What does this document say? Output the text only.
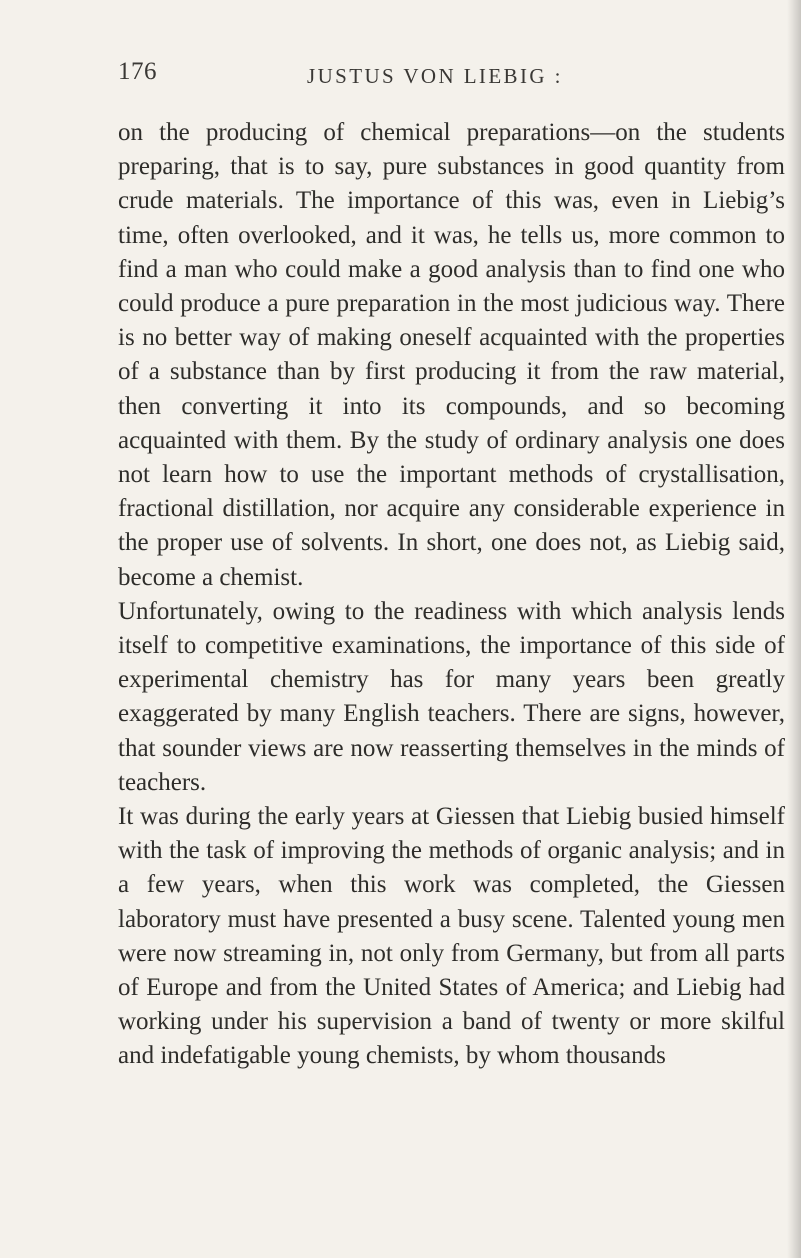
176	JUSTUS VON LIEBIG :

on the producing of chemical preparations—on the students preparing, that is to say, pure substances in good quantity from crude materials. The importance of this was, even in Liebig’s time, often overlooked, and it was, he tells us, more common to find a man who could make a good analysis than to find one who could produce a pure preparation in the most judicious way. There is no better way of making oneself acquainted with the properties of a substance than by first producing it from the raw material, then converting it into its compounds, and so becoming acquainted with them. By the study of ordinary analysis one does not learn how to use the important methods of crystallisation, fractional distillation, nor acquire any considerable experience in the proper use of solvents. In short, one does not, as Liebig said, become a chemist.

Unfortunately, owing to the readiness with which analysis lends itself to competitive examinations, the importance of this side of experimental chemistry has for many years been greatly exaggerated by many English teachers. There are signs, however, that sounder views are now reasserting themselves in the minds of teachers.

It was during the early years at Giessen that Liebig busied himself with the task of improving the methods of organic analysis; and in a few years, when this work was completed, the Giessen laboratory must have presented a busy scene. Talented young men were now streaming in, not only from Germany, but from all parts of Europe and from the United States of America; and Liebig had working under his supervision a band of twenty or more skilful and indefatigable young chemists, by whom thousands
